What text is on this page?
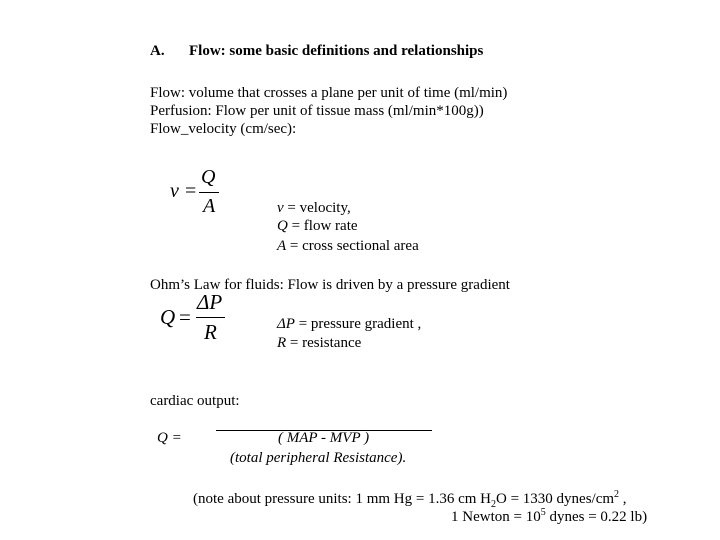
A. Flow: some basic definitions and relationships
Flow: volume that crosses a plane per unit of time (ml/min)
Perfusion: Flow per unit of tissue mass (ml/min*100g))
Flow_velocity (cm/sec):
v =
Q
A	v = velocity,
Q = flow rate
A = cross sectional area
Ohm’s Law for fluids: Flow is driven by a pressure gradient
Q =
ΔP
R	ΔP = pressure gradient ,
R = resistance
cardiac output:
Q =	( MAP - MVP )
(total peripheral Resistance).
(note about pressure units: 1 mm Hg = 1.36 cm $H_2O = 1330$ dynes/$cm^2$ ,
1 Newton = $10^5$ dynes = 0.22 lb)
